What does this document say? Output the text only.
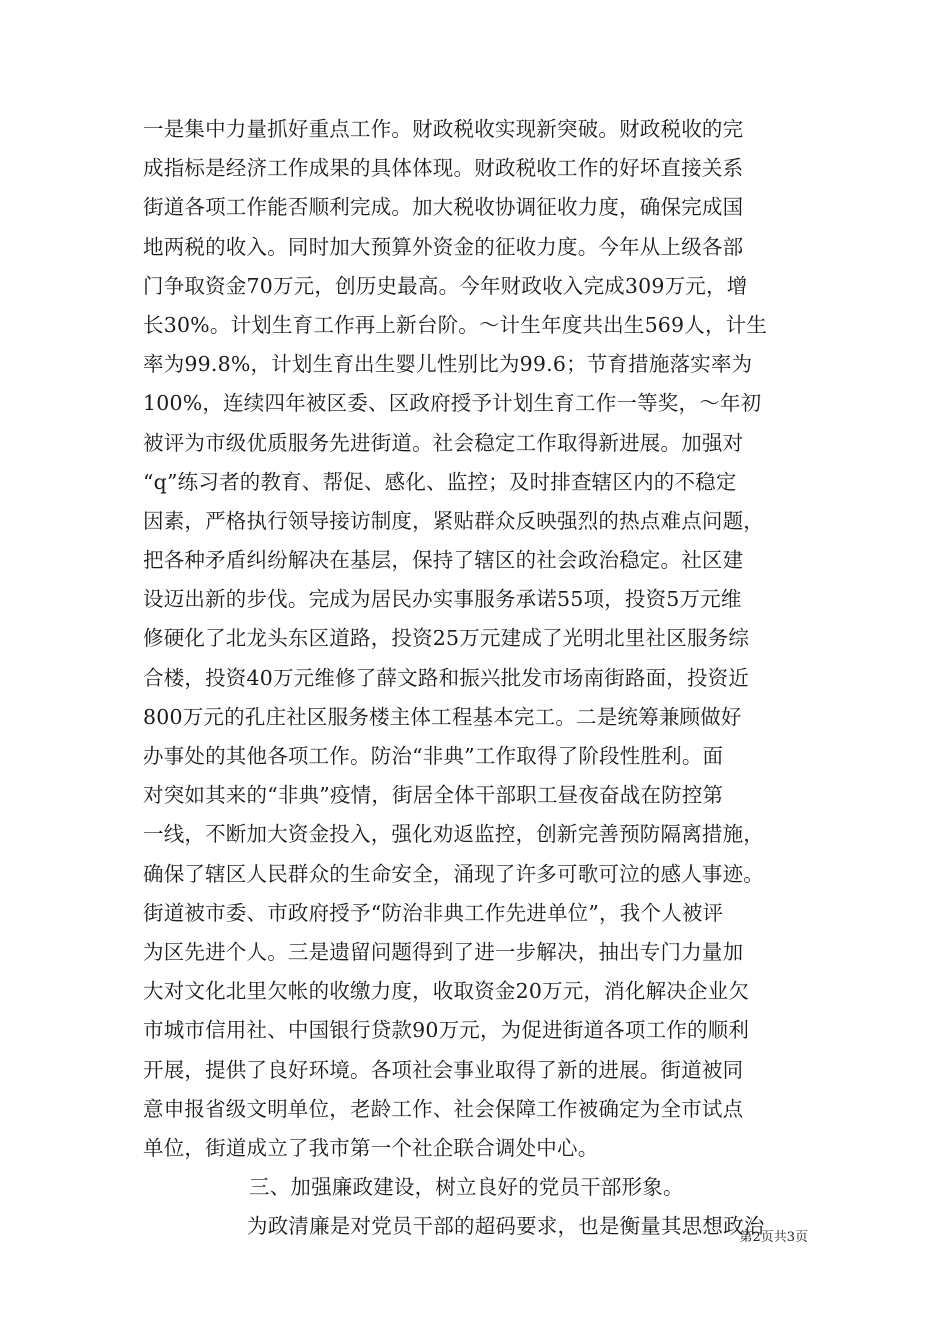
一是集中力量抓好重点工作。财政税收实现新突破。财政税收的完
成指标是经济工作成果的具体体现。财政税收工作的好坏直接关系
街道各项工作能否顺利完成。加大税收协调征收力度，确保完成国
地两税的收入。同时加大预算外资金的征收力度。今年从上级各部
门争取资金70万元，创历史最高。今年财政收入完成309万元，增
长30%。计划生育工作再上新台阶。～计生年度共出生569人，计生
率为99.8%，计划生育出生婴儿性别比为99.6；节育措施落实率为
100%，连续四年被区委、区政府授予计划生育工作一等奖，～年初
被评为市级优质服务先进街道。社会稳定工作取得新进展。加强对
“q”练习者的教育、帮促、感化、监控；及时排查辖区内的不稳定
因素，严格执行领导接访制度，紧贴群众反映强烈的热点难点问题，
把各种矛盾纠纷解决在基层，保持了辖区的社会政治稳定。社区建
设迈出新的步伐。完成为居民办实事服务承诺55项，投资5万元维
修硬化了北龙头东区道路，投资25万元建成了光明北里社区服务综
合楼，投资40万元维修了薛文路和振兴批发市场南街路面，投资近
800万元的孔庄社区服务楼主体工程基本完工。二是统筹兼顾做好
办事处的其他各项工作。防治“非典”工作取得了阶段性胜利。面
对突如其来的“非典”疫情，街居全体干部职工昼夜奋战在防控第
一线，不断加大资金投入，强化劝返监控，创新完善预防隔离措施，
确保了辖区人民群众的生命安全，涌现了许多可歌可泣的感人事迹。
街道被市委、市政府授予“防治非典工作先进单位”，我个人被评
为区先进个人。三是遗留问题得到了进一步解决，抽出专门力量加
大对文化北里欠帐的收缴力度，收取资金20万元，消化解决企业欠
市城市信用社、中国银行贷款90万元，为促进街道各项工作的顺利
开展，提供了良好环境。各项社会事业取得了新的进展。街道被同
意申报省级文明单位，老龄工作、社会保障工作被确定为全市试点
单位，街道成立了我市第一个社企联合调处中心。
三、加强廉政建设，树立良好的党员干部形象。
为政清廉是对党员干部的超码要求，也是衡量其思想政治
第2页共3页
